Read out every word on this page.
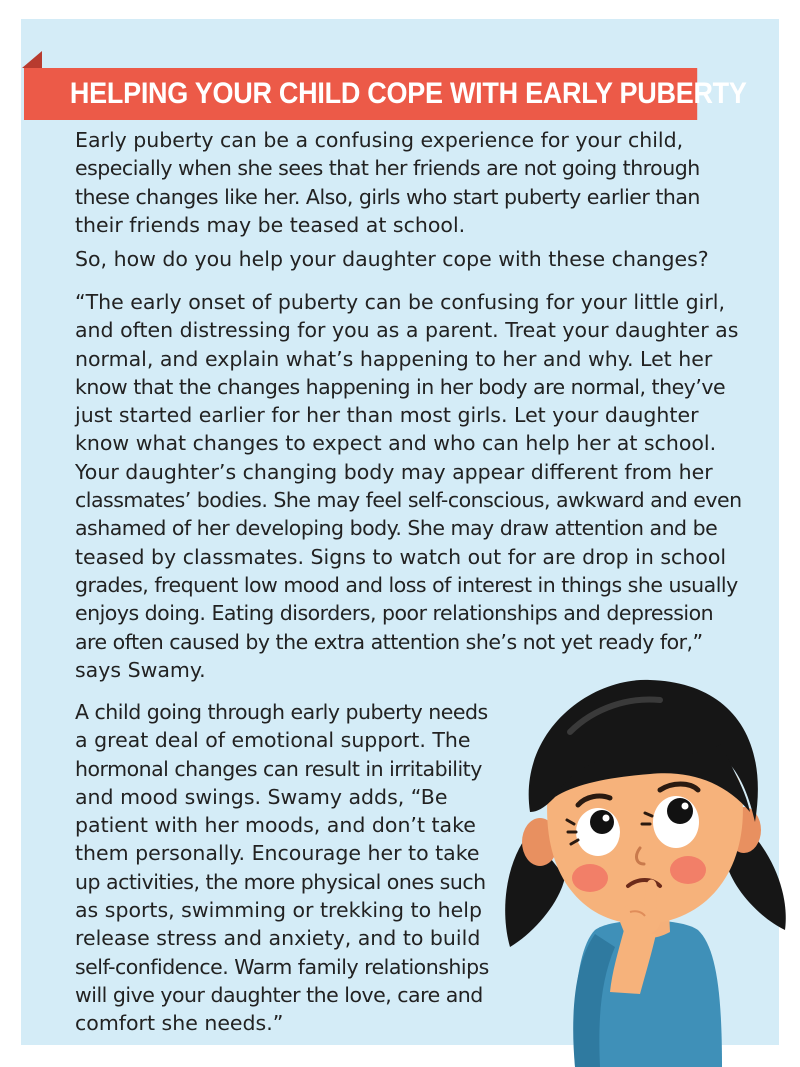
HELPING YOUR CHILD COPE WITH EARLY PUBERTY
Early puberty can be a confusing experience for your child,
especially when she sees that her friends are not going through
these changes like her. Also, girls who start puberty earlier than
their friends may be teased at school.
So, how do you help your daughter cope with these changes?
“The early onset of puberty can be confusing for your little girl,
and often distressing for you as a parent. Treat your daughter as
normal, and explain what’s happening to her and why. Let her
know that the changes happening in her body are normal, they’ve
just started earlier for her than most girls. Let your daughter
know what changes to expect and who can help her at school.
Your daughter’s changing body may appear different from her
classmates’ bodies. She may feel self-conscious, awkward and even
ashamed of her developing body. She may draw attention and be
teased by classmates. Signs to watch out for are drop in school
grades, frequent low mood and loss of interest in things she usually
enjoys doing. Eating disorders, poor relationships and depression
are often caused by the extra attention she’s not yet ready for,”
says Swamy.
A child going through early puberty needs
a great deal of emotional support. The
hormonal changes can result in irritability
and mood swings. Swamy adds, “Be
patient with her moods, and don’t take
them personally. Encourage her to take
up activities, the more physical ones such
as sports, swimming or trekking to help
release stress and anxiety, and to build
self-confidence. Warm family relationships
will give your daughter the love, care and
comfort she needs.”
